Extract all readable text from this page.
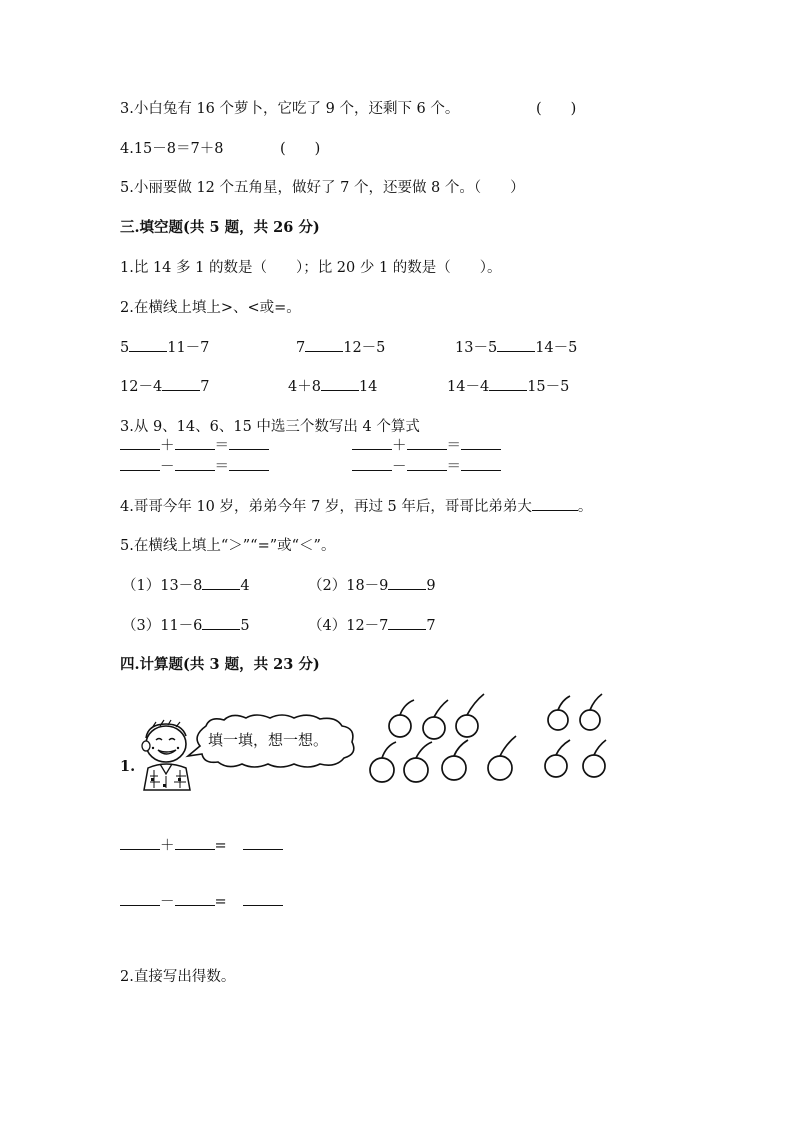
3.小白兔有 16 个萝卜，它吃了 9 个，还剩下 6 个。	(　　)
4.15－8＝7＋8	(　　)
5.小丽要做 12 个五角星，做好了 7 个，还要做 8 个。（　　）
三.填空题(共 5 题，共 26 分)
1.比 14 多 1 的数是（　　）；比 20 少 1 的数是（　　）。
2.在横线上填上>、<或=。
5	11－7	7	12－5	13－5	14－5
12－4	7	4＋8	14	14－4	15－5
3.从 9、14、6、15 中选三个数写出 4 个算式
＋	＝	＋	＝
－	＝	－	＝
4.哥哥今年 10 岁，弟弟今年 7 岁，再过 5 年后，哥哥比弟弟大	。
5.在横线上填上“＞”“=”或“＜”。
（1）13－8	4	（2）18－9	9
（3）11－6	5	（4）12－7	7
四.计算题(共 3 题，共 23 分)
1.
填一填，想一想。
＋	=
－	=
2.直接写出得数。
